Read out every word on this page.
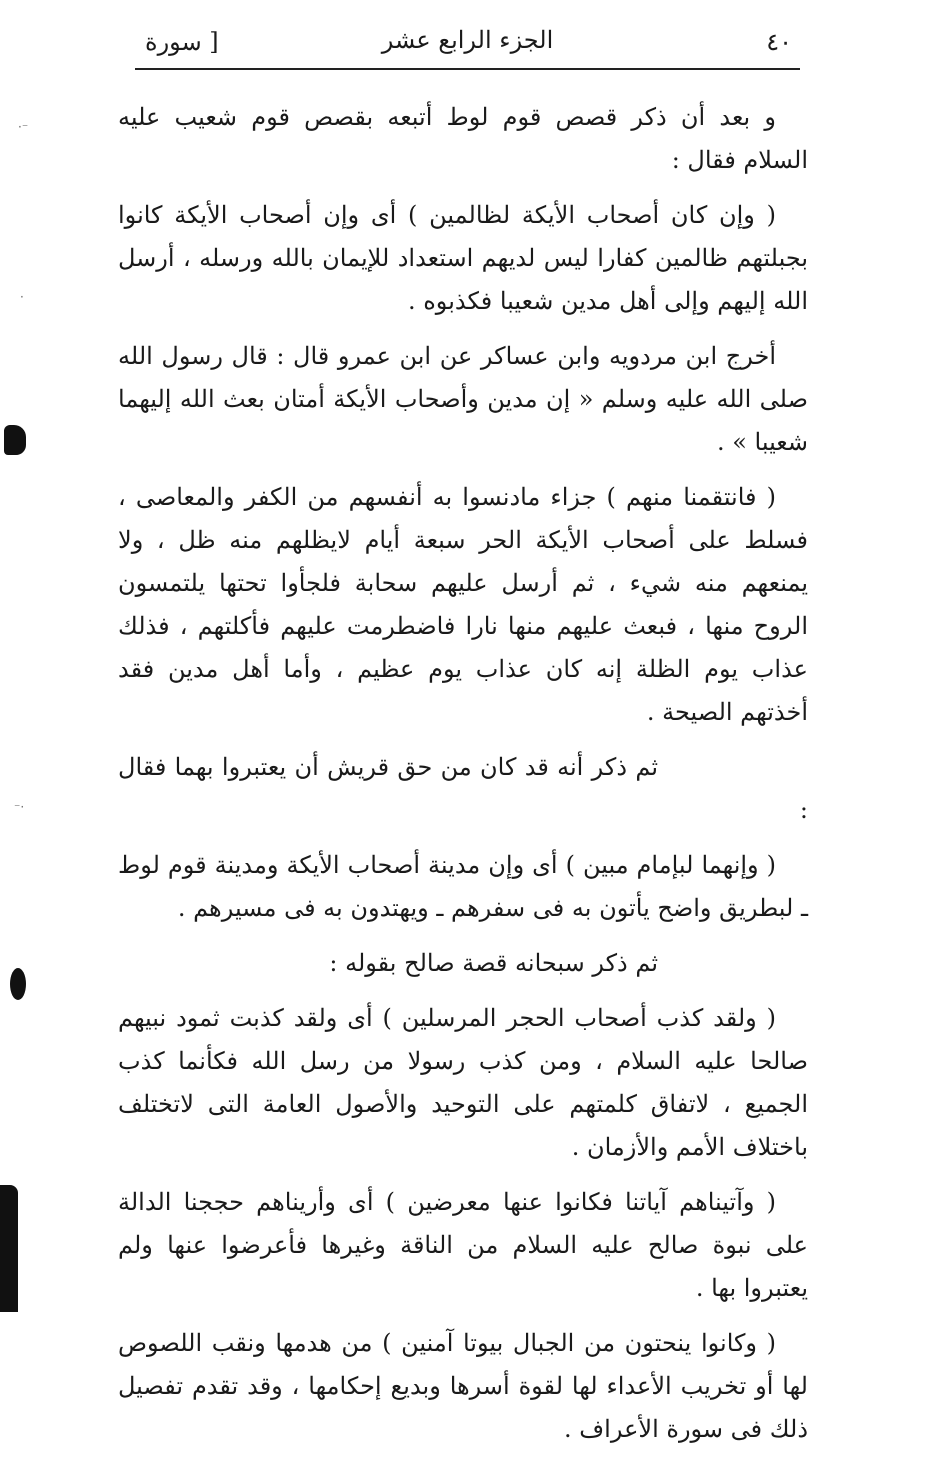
٤٠
الجزء الرابع عشر
[ سورة

و بعد أن ذكر قصص قوم لوط أتبعه بقصص قوم شعيب عليه السلام فقال :

( وإن كان أصحاب الأيكة لظالمين ) أى وإن أصحاب الأيكة كانوا بجبلتهم ظالمين كفارا ليس لديهم استعداد للإيمان بالله ورسله ، أرسل الله إليهم وإلى أهل مدين شعيبا فكذبوه .

أخرج ابن مردويه وابن عساكر عن ابن عمرو قال : قال رسول الله صلى الله عليه وسلم « إن مدين وأصحاب الأيكة أمتان بعث الله إليهما شعيبا » .

( فانتقمنا منهم ) جزاء مادنسوا به أنفسهم من الكفر والمعاصى ، فسلط على أصحاب الأيكة الحر سبعة أيام لايظلهم منه ظل ، ولا يمنعهم منه شيء ، ثم أرسل عليهم سحابة فلجأوا تحتها يلتمسون الروح منها ، فبعث عليهم منها نارا فاضطرمت عليهم فأكلتهم ، فذلك عذاب يوم الظلة إنه كان عذاب يوم عظيم ، وأما أهل مدين فقد أخذتهم الصيحة .

ثم ذكر أنه قد كان من حق قريش أن يعتبروا بهما فقال :

( وإنهما لبإمام مبين ) أى وإن مدينة أصحاب الأيكة ومدينة قوم لوط ـ لبطريق واضح يأتون به فى سفرهم ـ ويهتدون به فى مسيرهم .

ثم ذكر سبحانه قصة صالح بقوله :

( ولقد كذب أصحاب الحجر المرسلين ) أى ولقد كذبت ثمود نبيهم صالحا عليه السلام ، ومن كذب رسولا من رسل الله فكأنما كذب الجميع ، لاتفاق كلمتهم على التوحيد والأصول العامة التى لاتختلف باختلاف الأمم والأزمان .

( وآتيناهم آياتنا فكانوا عنها معرضين ) أى وأريناهم حججنا الدالة على نبوة صالح عليه السلام من الناقة وغيرها فأعرضوا عنها ولم يعتبروا بها .

( وكانوا ينحتون من الجبال بيوتا آمنين ) من هدمها ونقب اللصوص لها أو تخريب الأعداء لها لقوة أسرها وبديع إحكامها ، وقد تقدم تفصيل ذلك فى سورة الأعراف .

·⁻
·
⁻·
